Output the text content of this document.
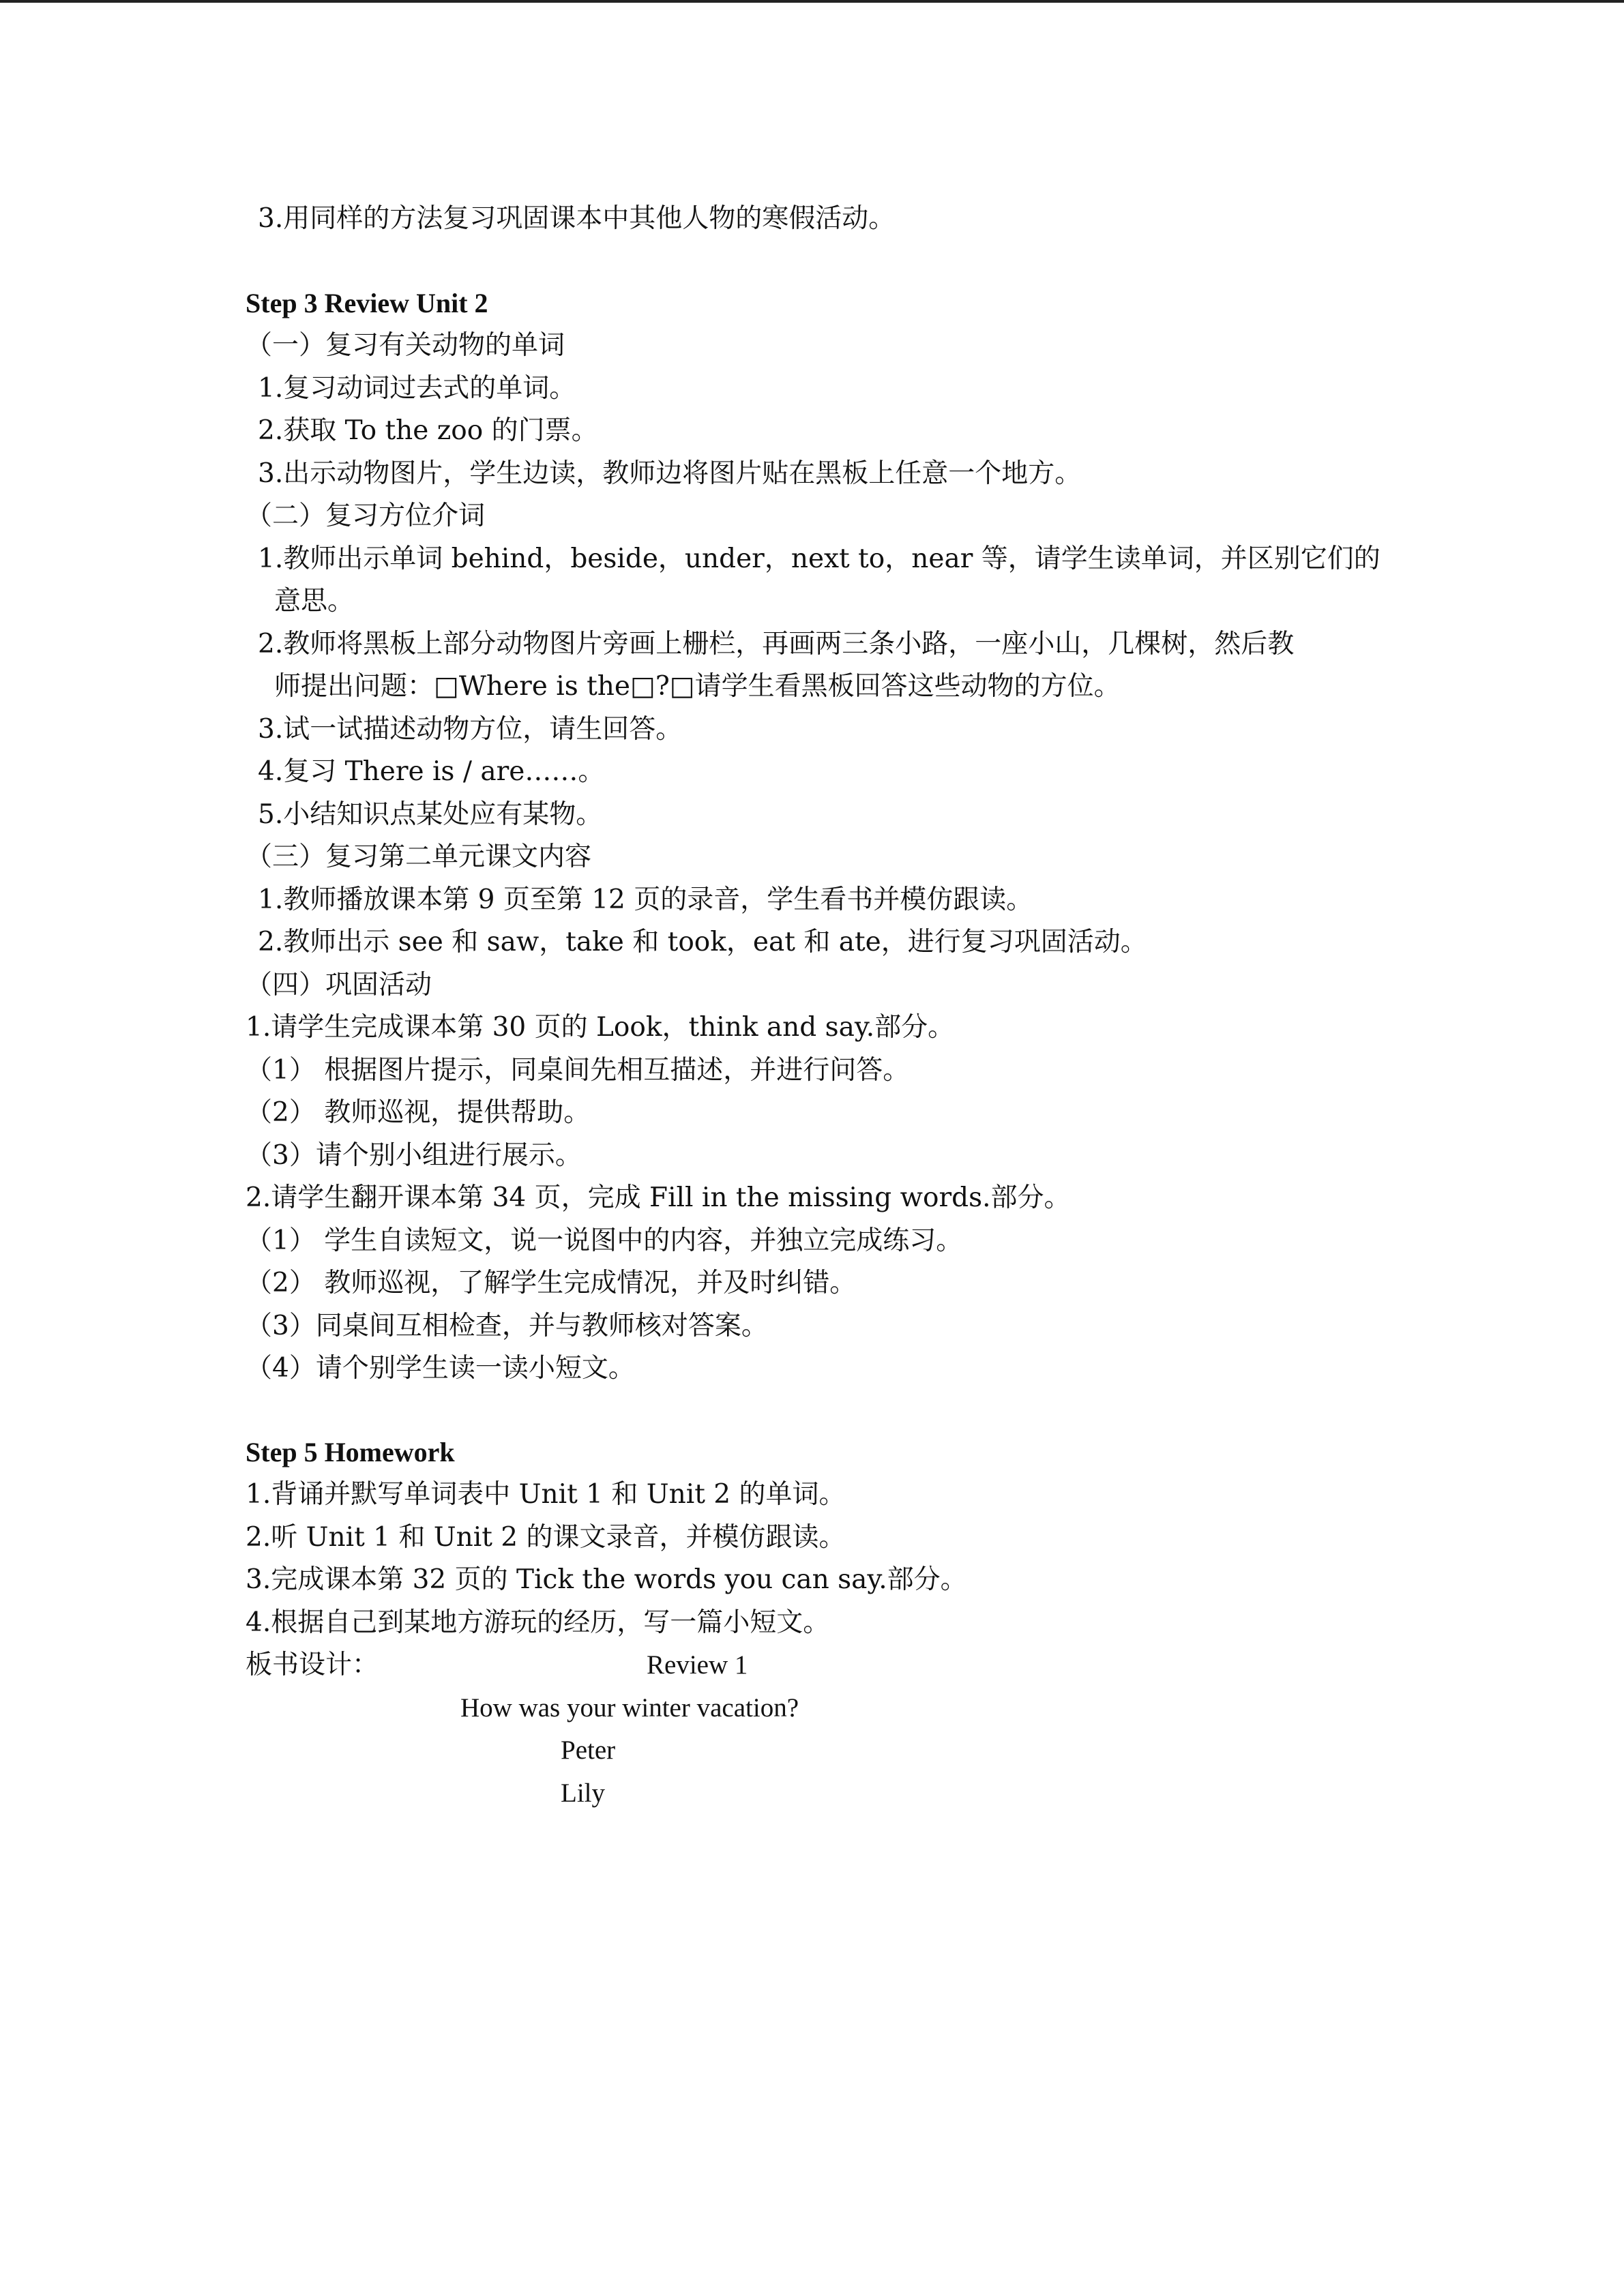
3.用同样的方法复习巩固课本中其他人物的寒假活动。
Step 3 Review Unit 2
（一）复习有关动物的单词
1.复习动词过去式的单词。
2.获取 To the zoo 的门票。
3.出示动物图片，学生边读，教师边将图片贴在黑板上任意一个地方。
（二）复习方位介词
1.教师出示单词 behind，beside，under，next to，near 等，请学生读单词，并区别它们的
意思。
2.教师将黑板上部分动物图片旁画上栅栏，再画两三条小路，一座小山，几棵树，然后教
师提出问题：□Where is the□?□请学生看黑板回答这些动物的方位。
3.试一试描述动物方位，请生回答。
4.复习 There is / are……。
5.小结知识点某处应有某物。
（三）复习第二单元课文内容
1.教师播放课本第 9 页至第 12 页的录音，学生看书并模仿跟读。
2.教师出示 see 和 saw，take 和 took，eat 和 ate，进行复习巩固活动。
（四）巩固活动
1.请学生完成课本第 30 页的 Look，think and say.部分。
（1） 根据图片提示，同桌间先相互描述，并进行问答。
（2） 教师巡视，提供帮助。
（3）请个别小组进行展示。
2.请学生翻开课本第 34 页，完成 Fill in the missing words.部分。
（1） 学生自读短文，说一说图中的内容，并独立完成练习。
（2） 教师巡视，了解学生完成情况，并及时纠错。
（3）同桌间互相检查，并与教师核对答案。
（4）请个别学生读一读小短文。
Step 5 Homework
1.背诵并默写单词表中 Unit 1 和 Unit 2 的单词。
2.听 Unit 1 和 Unit 2 的课文录音，并模仿跟读。
3.完成课本第 32 页的 Tick the words you can say.部分。
4.根据自己到某地方游玩的经历，写一篇小短文。
板书设计：	Review 1
How was your winter vacation?
Peter
Lily
